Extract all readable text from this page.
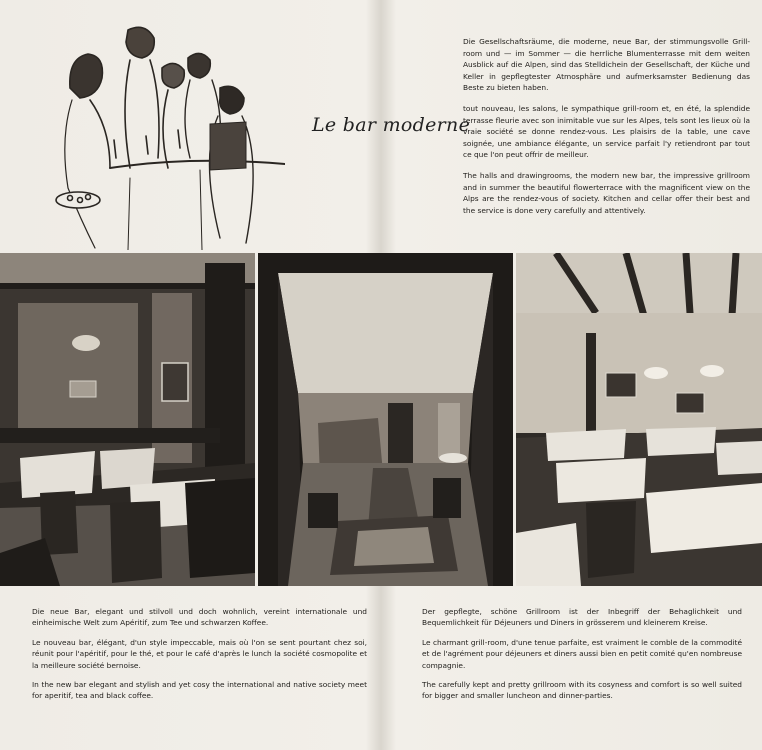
Le bar moderne

Die Gesellschaftsräume, die moderne, neue Bar, der stimmungsvolle Grill-room und — im Sommer — die herrliche Blumenterrasse mit dem weiten Ausblick auf die Alpen, sind das Stelldichein der Gesellschaft, der Küche und Keller in gepflegtester Atmosphäre und aufmerksamster Bedienung das Beste zu bieten haben.

tout nouveau, les salons, le sympathique grill-room et, en été, la splendide terrasse fleurie avec son inimitable vue sur les Alpes, tels sont les lieux où la vraie société se donne rendez-vous. Les plaisirs de la table, une cave soignée, une ambiance élégante, un service parfait l'y retiendront par tout ce que l'on peut offrir de meilleur.

The halls and drawingrooms, the modern new bar, the impressive grillroom and in summer the beautiful flowerterrace with the magnificent view on the Alps are the rendez-vous of society. Kitchen and cellar offer their best and the service is done very carefully and attentively.

Die neue Bar, elegant und stilvoll und doch wohnlich, vereint internationale und einheimische Welt zum Apéritif, zum Tee und schwarzen Koffee.

Le nouveau bar, élégant, d'un style impeccable, mais où l'on se sent pourtant chez soi, réunit pour l'apéritif, pour le thé, et pour le café d'après le lunch la société cosmopolite et la meilleure société bernoise.

In the new bar elegant and stylish and yet cosy the international and native society meet for aperitif, tea and black coffee.

Der gepflegte, schöne Grillroom ist der Inbegriff der Behaglichkeit und Bequemlichkeit für Déjeuners und Diners in grösserem und kleinerem Kreise.

Le charmant grill-room, d'une tenue parfaite, est vraiment le comble de la commodité et de l'agrément pour déjeuners et diners aussi bien en petit comité qu'en nombreuse compagnie.

The carefully kept and pretty grillroom with its cosyness and comfort is so well suited for bigger and smaller luncheon and dinner-parties.
